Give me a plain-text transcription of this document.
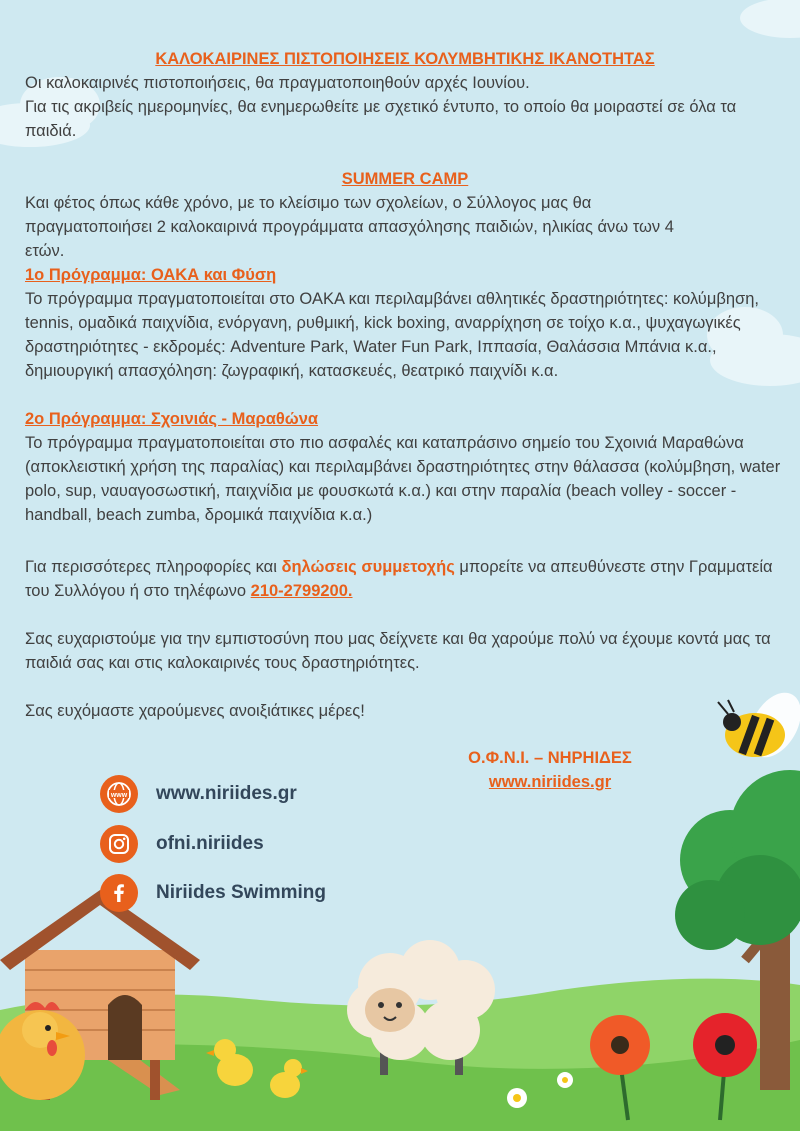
ΚΑΛΟΚΑΙΡΙΝΕΣ ΠΙΣΤΟΠΟΙΗΣΕΙΣ ΚΟΛΥΜΒΗΤΙΚΗΣ ΙΚΑΝΟΤΗΤΑΣ
Οι καλοκαιρινές πιστοποιήσεις, θα πραγματοποιηθούν αρχές Ιουνίου.
Για τις ακριβείς ημερομηνίες, θα ενημερωθείτε με σχετικό έντυπο, το οποίο θα μοιραστεί σε όλα τα παιδιά.
SUMMER CAMP
Και φέτος όπως κάθε χρόνο, με το κλείσιμο των σχολείων, ο Σύλλογος μας θα πραγματοποιήσει 2 καλοκαιρινά προγράμματα απασχόλησης παιδιών, ηλικίας άνω των 4 ετών.
1ο Πρόγραμμα: ΟΑΚΑ και Φύση
Το πρόγραμμα πραγματοποιείται στο ΟΑΚΑ και περιλαμβάνει αθλητικές δραστηριότητες: κολύμβηση, tennis, ομαδικά παιχνίδια, ενόργανη, ρυθμική, kick boxing, αναρρίχηση σε τοίχο κ.α., ψυχαγωγικές δραστηριότητες - εκδρομές: Adventure Park, Water Fun Park, Ιππασία, Θαλάσσια Μπάνια κ.α., δημιουργική απασχόληση: ζωγραφική, κατασκευές, θεατρικό παιχνίδι κ.α.
2ο Πρόγραμμα: Σχοινιάς - Μαραθώνα
Το πρόγραμμα πραγματοποιείται στο πιο ασφαλές και καταπράσινο σημείο του Σχοινιά Μαραθώνα (αποκλειστική χρήση της παραλίας) και περιλαμβάνει δραστηριότητες στην θάλασσα (κολύμβηση, water polo, sup, ναυαγοσωστική, παιχνίδια με φουσκωτά κ.α.) και στην παραλία (beach volley - soccer - handball, beach zumba, δρομικά παιχνίδια κ.α.)
Για περισσότερες πληροφορίες και δηλώσεις συμμετοχής μπορείτε να απευθύνεστε στην Γραμματεία του Συλλόγου ή στο τηλέφωνο 210-2799200.
Σας ευχαριστούμε για την εμπιστοσύνη που μας δείχνετε και θα χαρούμε πολύ να έχουμε κοντά μας τα παιδιά σας και στις καλοκαιρινές τους δραστηριότητες.
Σας ευχόμαστε χαρούμενες ανοιξιάτικες μέρες!
Ο.Φ.Ν.Ι. – ΝΗΡΗΙΔΕΣ
www.niriides.gr
www www.niriides.gr
ofni.niriides
Niriides Swimming
